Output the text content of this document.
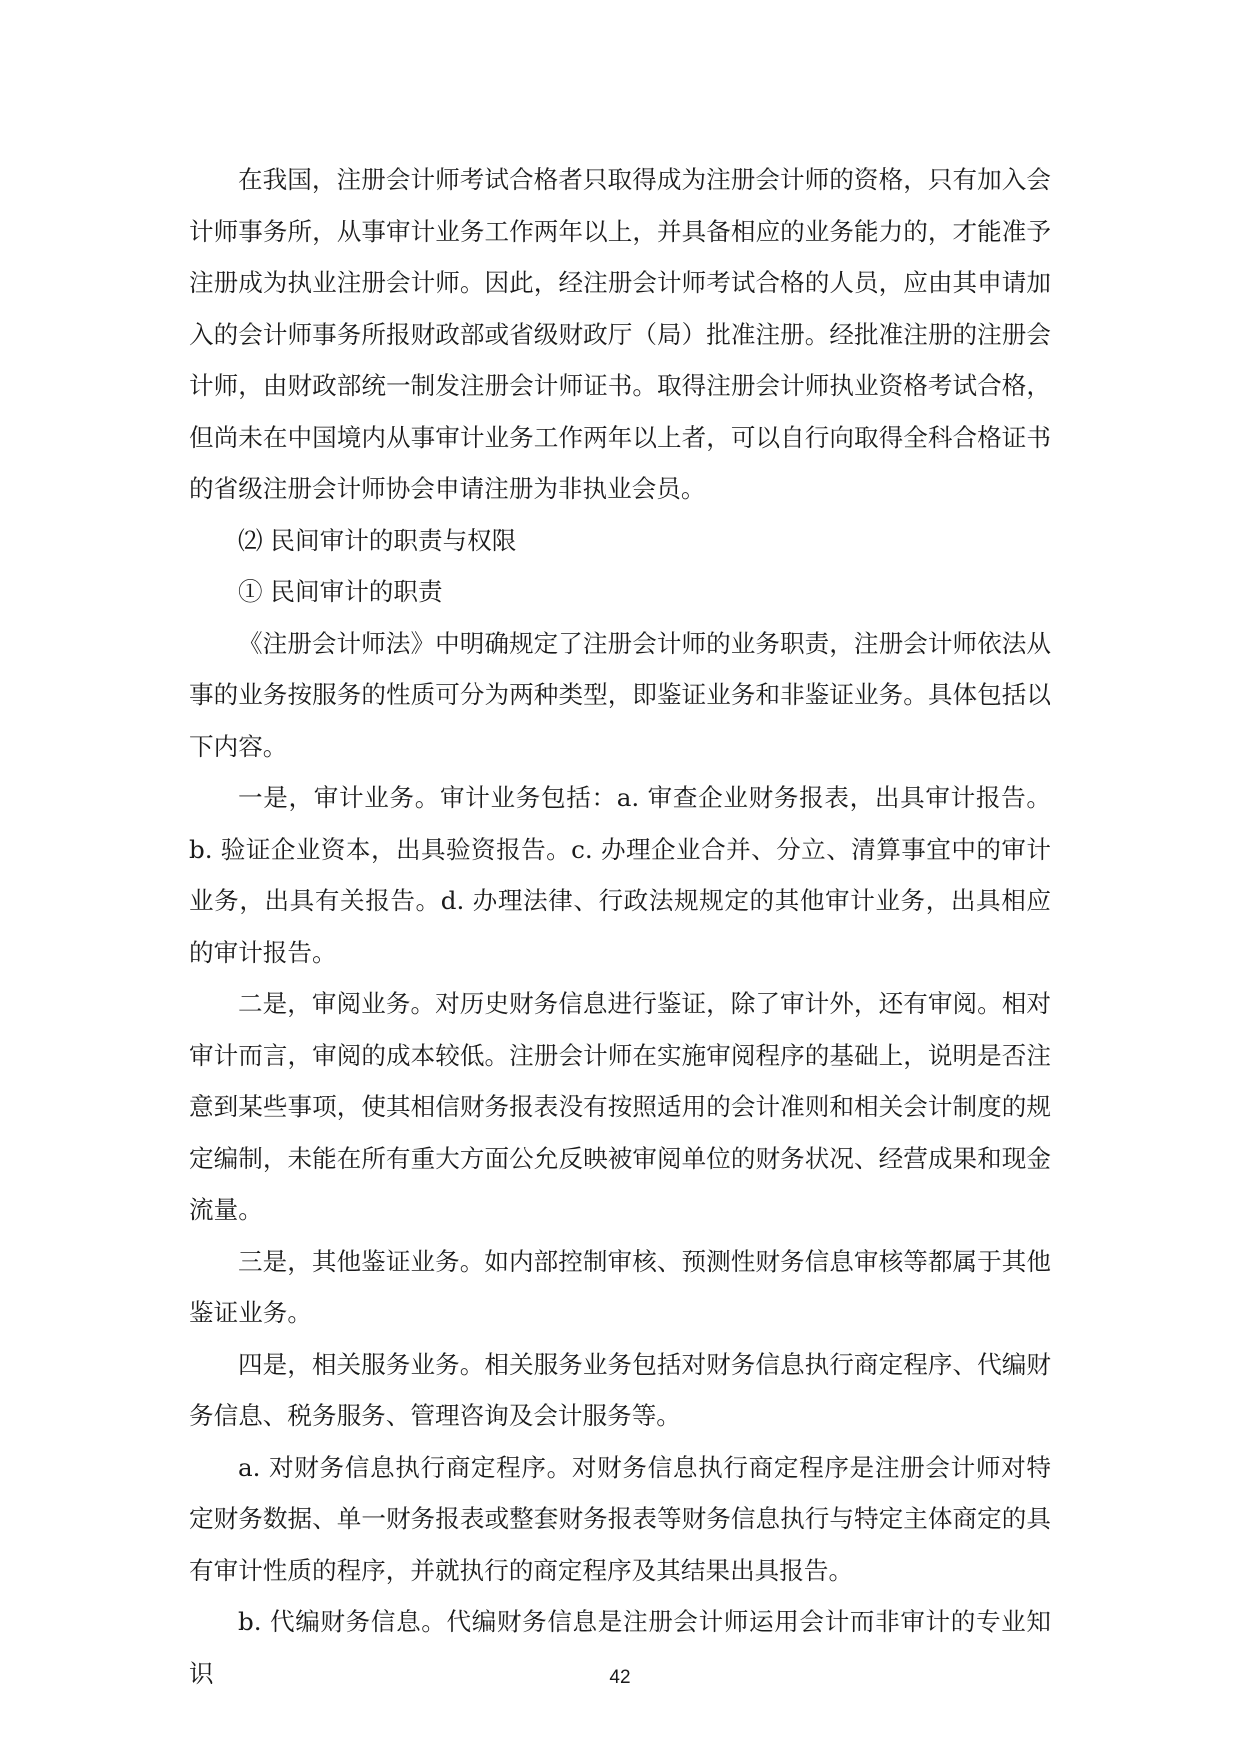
在我国，注册会计师考试合格者只取得成为注册会计师的资格，只有加入会计师事务所，从事审计业务工作两年以上，并具备相应的业务能力的，才能准予注册成为执业注册会计师。因此，经注册会计师考试合格的人员，应由其申请加入的会计师事务所报财政部或省级财政厅（局）批准注册。经批准注册的注册会计师，由财政部统一制发注册会计师证书。取得注册会计师执业资格考试合格，但尚未在中国境内从事审计业务工作两年以上者，可以自行向取得全科合格证书的省级注册会计师协会申请注册为非执业会员。

⑵ 民间审计的职责与权限

① 民间审计的职责

《注册会计师法》中明确规定了注册会计师的业务职责，注册会计师依法从事的业务按服务的性质可分为两种类型，即鉴证业务和非鉴证业务。具体包括以下内容。

一是，审计业务。审计业务包括：a. 审查企业财务报表，出具审计报告。b. 验证企业资本，出具验资报告。c. 办理企业合并、分立、清算事宜中的审计业务，出具有关报告。d. 办理法律、行政法规规定的其他审计业务，出具相应的审计报告。

二是，审阅业务。对历史财务信息进行鉴证，除了审计外，还有审阅。相对审计而言，审阅的成本较低。注册会计师在实施审阅程序的基础上，说明是否注意到某些事项，使其相信财务报表没有按照适用的会计准则和相关会计制度的规定编制，未能在所有重大方面公允反映被审阅单位的财务状况、经营成果和现金流量。

三是，其他鉴证业务。如内部控制审核、预测性财务信息审核等都属于其他鉴证业务。

四是，相关服务业务。相关服务业务包括对财务信息执行商定程序、代编财务信息、税务服务、管理咨询及会计服务等。

a. 对财务信息执行商定程序。对财务信息执行商定程序是注册会计师对特定财务数据、单一财务报表或整套财务报表等财务信息执行与特定主体商定的具有审计性质的程序，并就执行的商定程序及其结果出具报告。

b. 代编财务信息。代编财务信息是注册会计师运用会计而非审计的专业知识	42
